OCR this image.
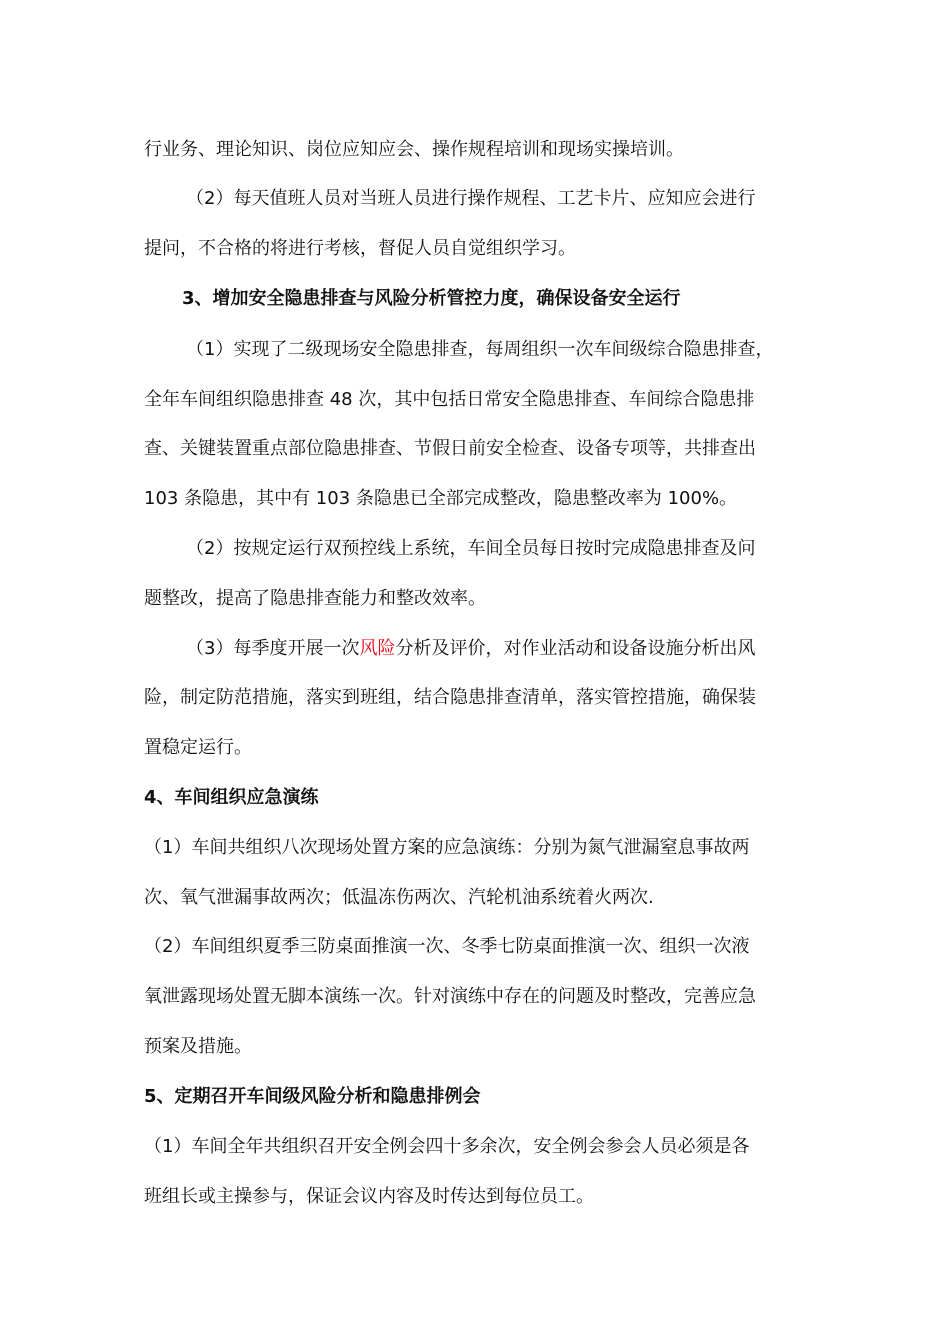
行业务、理论知识、岗位应知应会、操作规程培训和现场实操培训。
（2）每天值班人员对当班人员进行操作规程、工艺卡片、应知应会进行
提问，不合格的将进行考核，督促人员自觉组织学习。
3、增加安全隐患排查与风险分析管控力度，确保设备安全运行
（1）实现了二级现场安全隐患排查，每周组织一次车间级综合隐患排查，
全年车间组织隐患排查 48 次，其中包括日常安全隐患排查、车间综合隐患排
查、关键装置重点部位隐患排查、节假日前安全检查、设备专项等，共排查出
103 条隐患，其中有 103 条隐患已全部完成整改，隐患整改率为 100%。
（2）按规定运行双预控线上系统，车间全员每日按时完成隐患排查及问
题整改，提高了隐患排查能力和整改效率。
（3）每季度开展一次风险分析及评价，对作业活动和设备设施分析出风
险，制定防范措施，落实到班组，结合隐患排查清单，落实管控措施，确保装
置稳定运行。
4、车间组织应急演练
（1）车间共组织八次现场处置方案的应急演练：分别为氮气泄漏窒息事故两
次、氧气泄漏事故两次；低温冻伤两次、汽轮机油系统着火两次.
（2）车间组织夏季三防桌面推演一次、冬季七防桌面推演一次、组织一次液
氧泄露现场处置无脚本演练一次。针对演练中存在的问题及时整改，完善应急
预案及措施。
5、定期召开车间级风险分析和隐患排例会
（1）车间全年共组织召开安全例会四十多余次，安全例会参会人员必须是各
班组长或主操参与，保证会议内容及时传达到每位员工。
